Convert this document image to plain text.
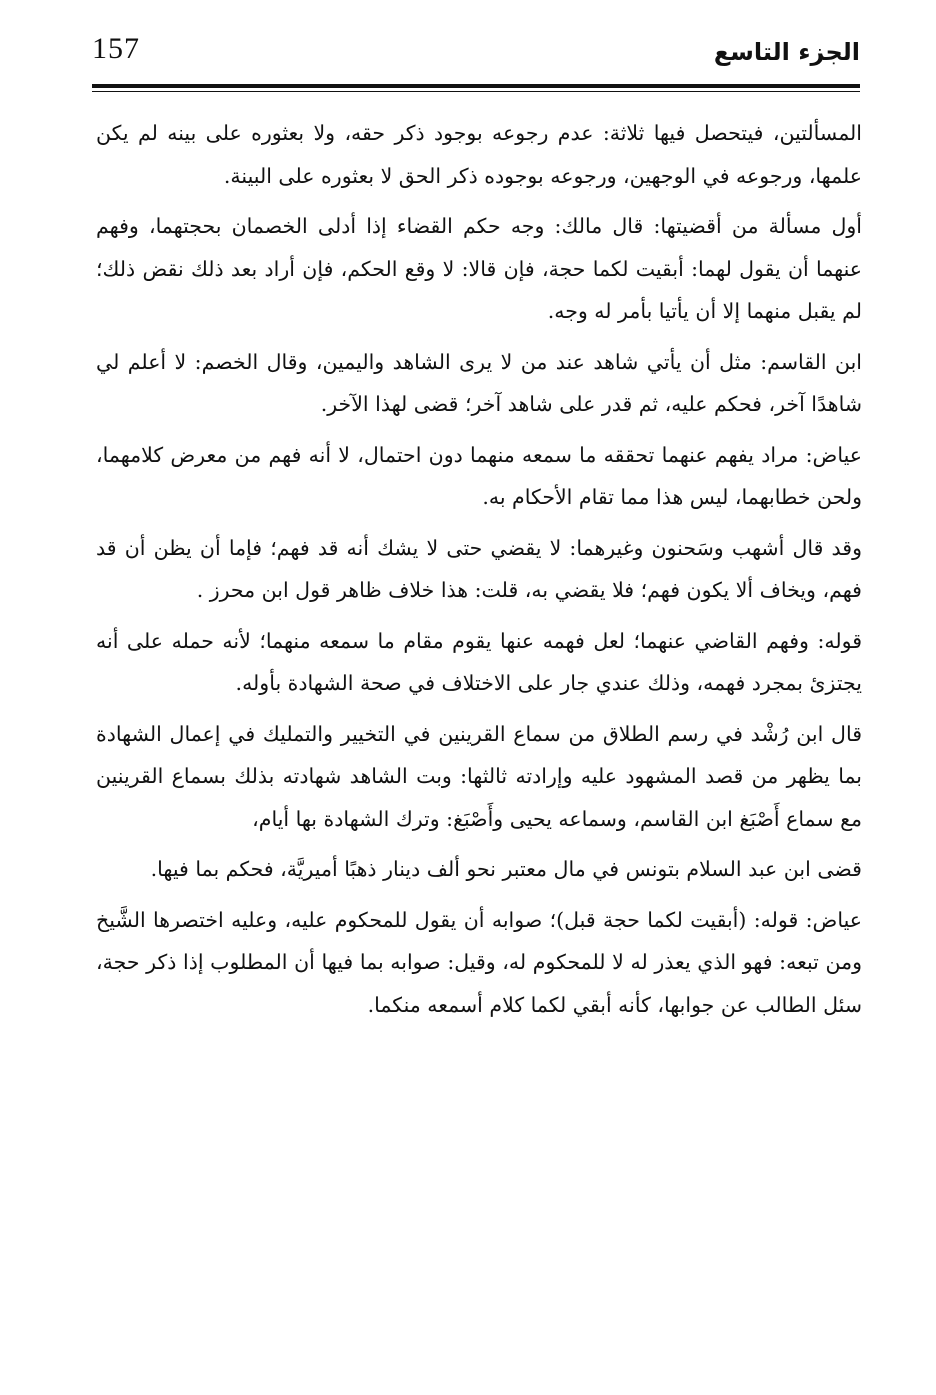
157	الجزء التاسع

المسألتين، فيتحصل فيها ثلاثة: عدم رجوعه بوجود ذكر حقه، ولا بعثوره على بينه لم يكن علمها، ورجوعه في الوجهين، ورجوعه بوجوده ذكر الحق لا بعثوره على البينة.

أول مسألة من أقضيتها: قال مالك: وجه حكم القضاء إذا أدلى الخصمان بحجتهما، وفهم عنهما أن يقول لهما: أبقيت لكما حجة، فإن قالا: لا وقع الحكم، فإن أراد بعد ذلك نقض ذلك؛ لم يقبل منهما إلا أن يأتيا بأمر له وجه.

ابن القاسم: مثل أن يأتي شاهد عند من لا يرى الشاهد واليمين، وقال الخصم: لا أعلم لي شاهدًا آخر، فحكم عليه، ثم قدر على شاهد آخر؛ قضى لهذا الآخر.

عياض: مراد يفهم عنهما تحققه ما سمعه منهما دون احتمال، لا أنه فهم من معرض كلامهما، ولحن خطابهما، ليس هذا مما تقام الأحكام به.

وقد قال أشهب وسَحنون وغيرهما: لا يقضي حتى لا يشك أنه قد فهم؛ فإما أن يظن أن قد فهم، ويخاف ألا يكون فهم؛ فلا يقضي به، قلت: هذا خلاف ظاهر قول ابن محرز .

قوله: وفهم القاضي عنهما؛ لعل فهمه عنها يقوم مقام ما سمعه منهما؛ لأنه حمله على أنه يجتزئ بمجرد فهمه، وذلك عندي جار على الاختلاف في صحة الشهادة بأوله.

قال ابن رُشْد في رسم الطلاق من سماع القرينين في التخيير والتمليك في إعمال الشهادة بما يظهر من قصد المشهود عليه وإرادته ثالثها: وبت الشاهد شهادته بذلك بسماع القرينين مع سماع أَصْبَغ ابن القاسم، وسماعه يحيى وأَصْبَغ: وترك الشهادة بها أيام،

قضى ابن عبد السلام بتونس في مال معتبر نحو ألف دينار ذهبًا أميريَّة، فحكم بما فيها.

عياض: قوله: (أبقيت لكما حجة قبل)؛ صوابه أن يقول للمحكوم عليه، وعليه اختصرها الشَّيخ ومن تبعه: فهو الذي يعذر له لا للمحكوم له، وقيل: صوابه بما فيها أن المطلوب إذا ذكر حجة، سئل الطالب عن جوابها، كأنه أبقي لكما كلام أسمعه منكما.
